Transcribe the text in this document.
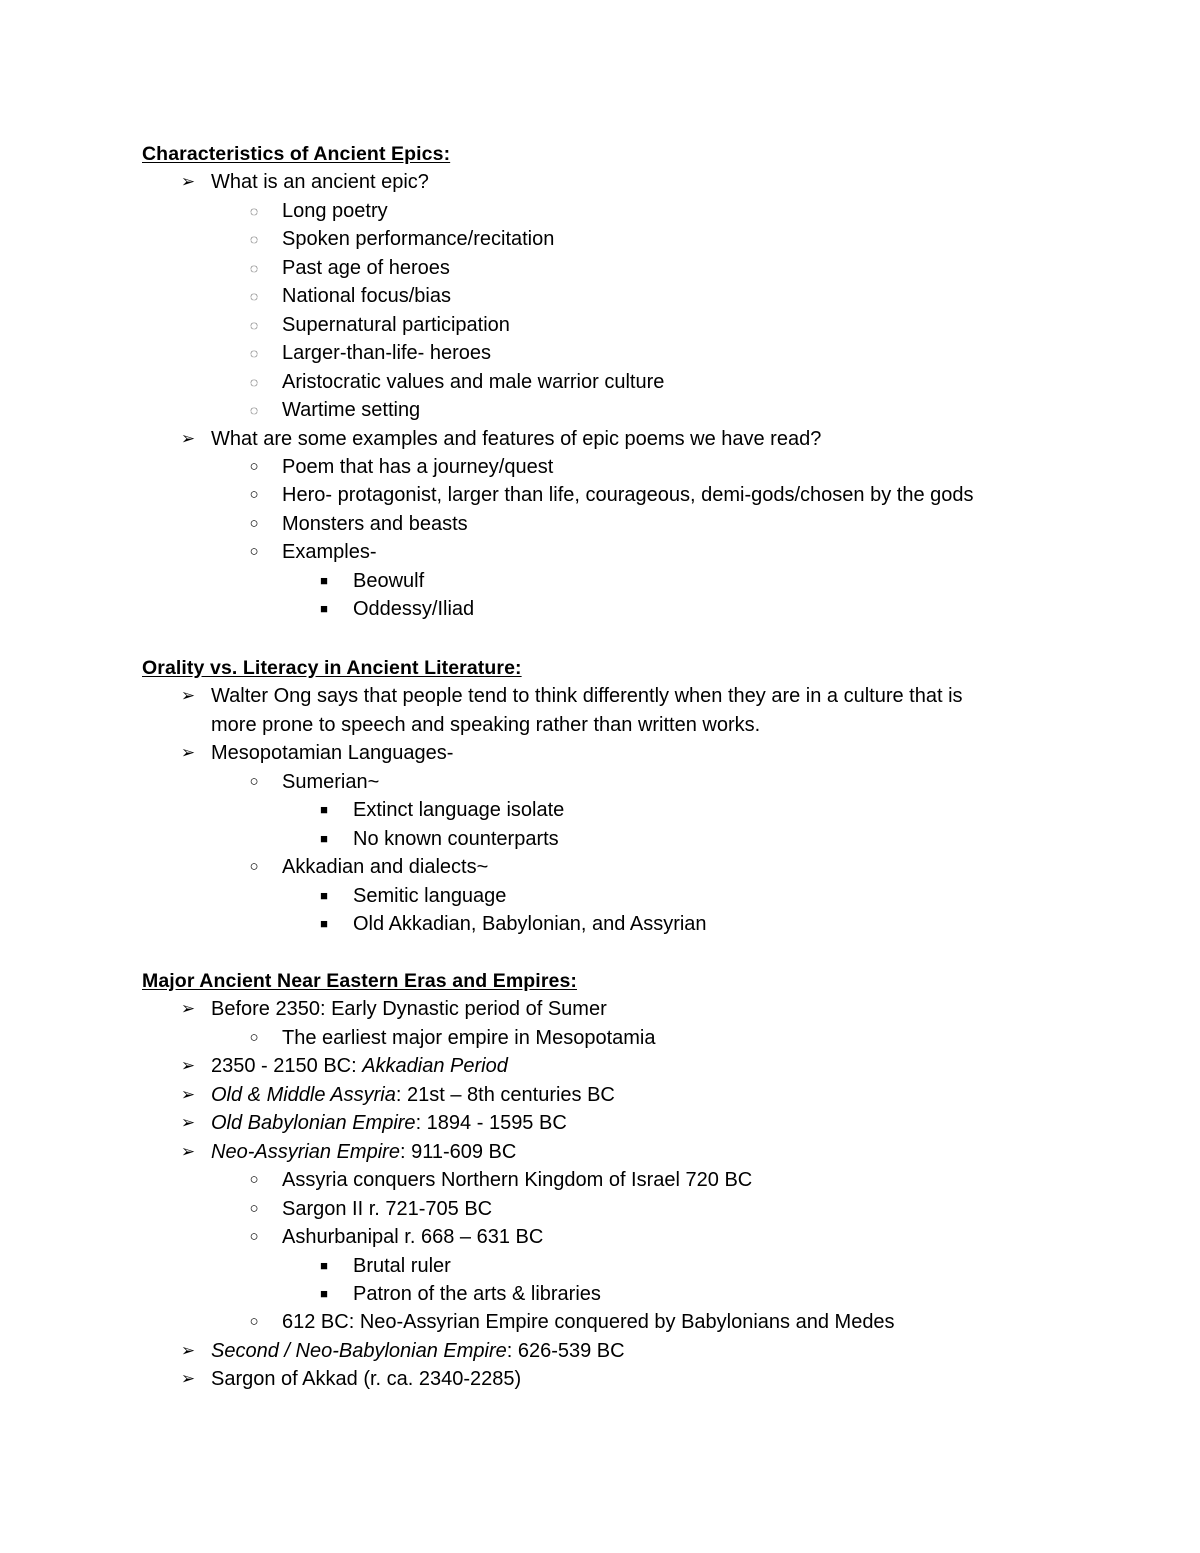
Characteristics of Ancient Epics:
➢ What is an ancient epic?
◌ Long poetry
◌ Spoken performance/recitation
◌ Past age of heroes
◌ National focus/bias
◌ Supernatural participation
◌ Larger-than-life- heroes
◌ Aristocratic values and male warrior culture
◌ Wartime setting
➢ What are some examples and features of epic poems we have read?
○ Poem that has a journey/quest
○ Hero- protagonist, larger than life, courageous, demi-gods/chosen by the gods
○ Monsters and beasts
○ Examples-
■	Beowulf
■	Oddessy/Iliad
Orality vs. Literacy in Ancient Literature:
➢ Walter Ong says that people tend to think differently when they are in a culture that is
more prone to speech and speaking rather than written works.
➢ Mesopotamian Languages-
○ Sumerian~
■	Extinct language isolate
■	No known counterparts
○ Akkadian and dialects~
■	Semitic language
■	Old Akkadian, Babylonian, and Assyrian
Major Ancient Near Eastern Eras and Empires:
➢ Before 2350: Early Dynastic period of Sumer
○ The earliest major empire in Mesopotamia
➢ 2350 - 2150 BC: Akkadian Period
➢ Old & Middle Assyria: 21st – 8th centuries BC
➢ Old Babylonian Empire: 1894 - 1595 BC
➢ Neo-Assyrian Empire: 911-609 BC
○ Assyria conquers Northern Kingdom of Israel 720 BC
○ Sargon II r. 721-705 BC
○ Ashurbanipal r. 668 – 631 BC
■	Brutal ruler
■	Patron of the arts & libraries
○ 612 BC: Neo-Assyrian Empire conquered by Babylonians and Medes
➢ Second / Neo-Babylonian Empire: 626-539 BC
➢ Sargon of Akkad (r. ca. 2340-2285)
